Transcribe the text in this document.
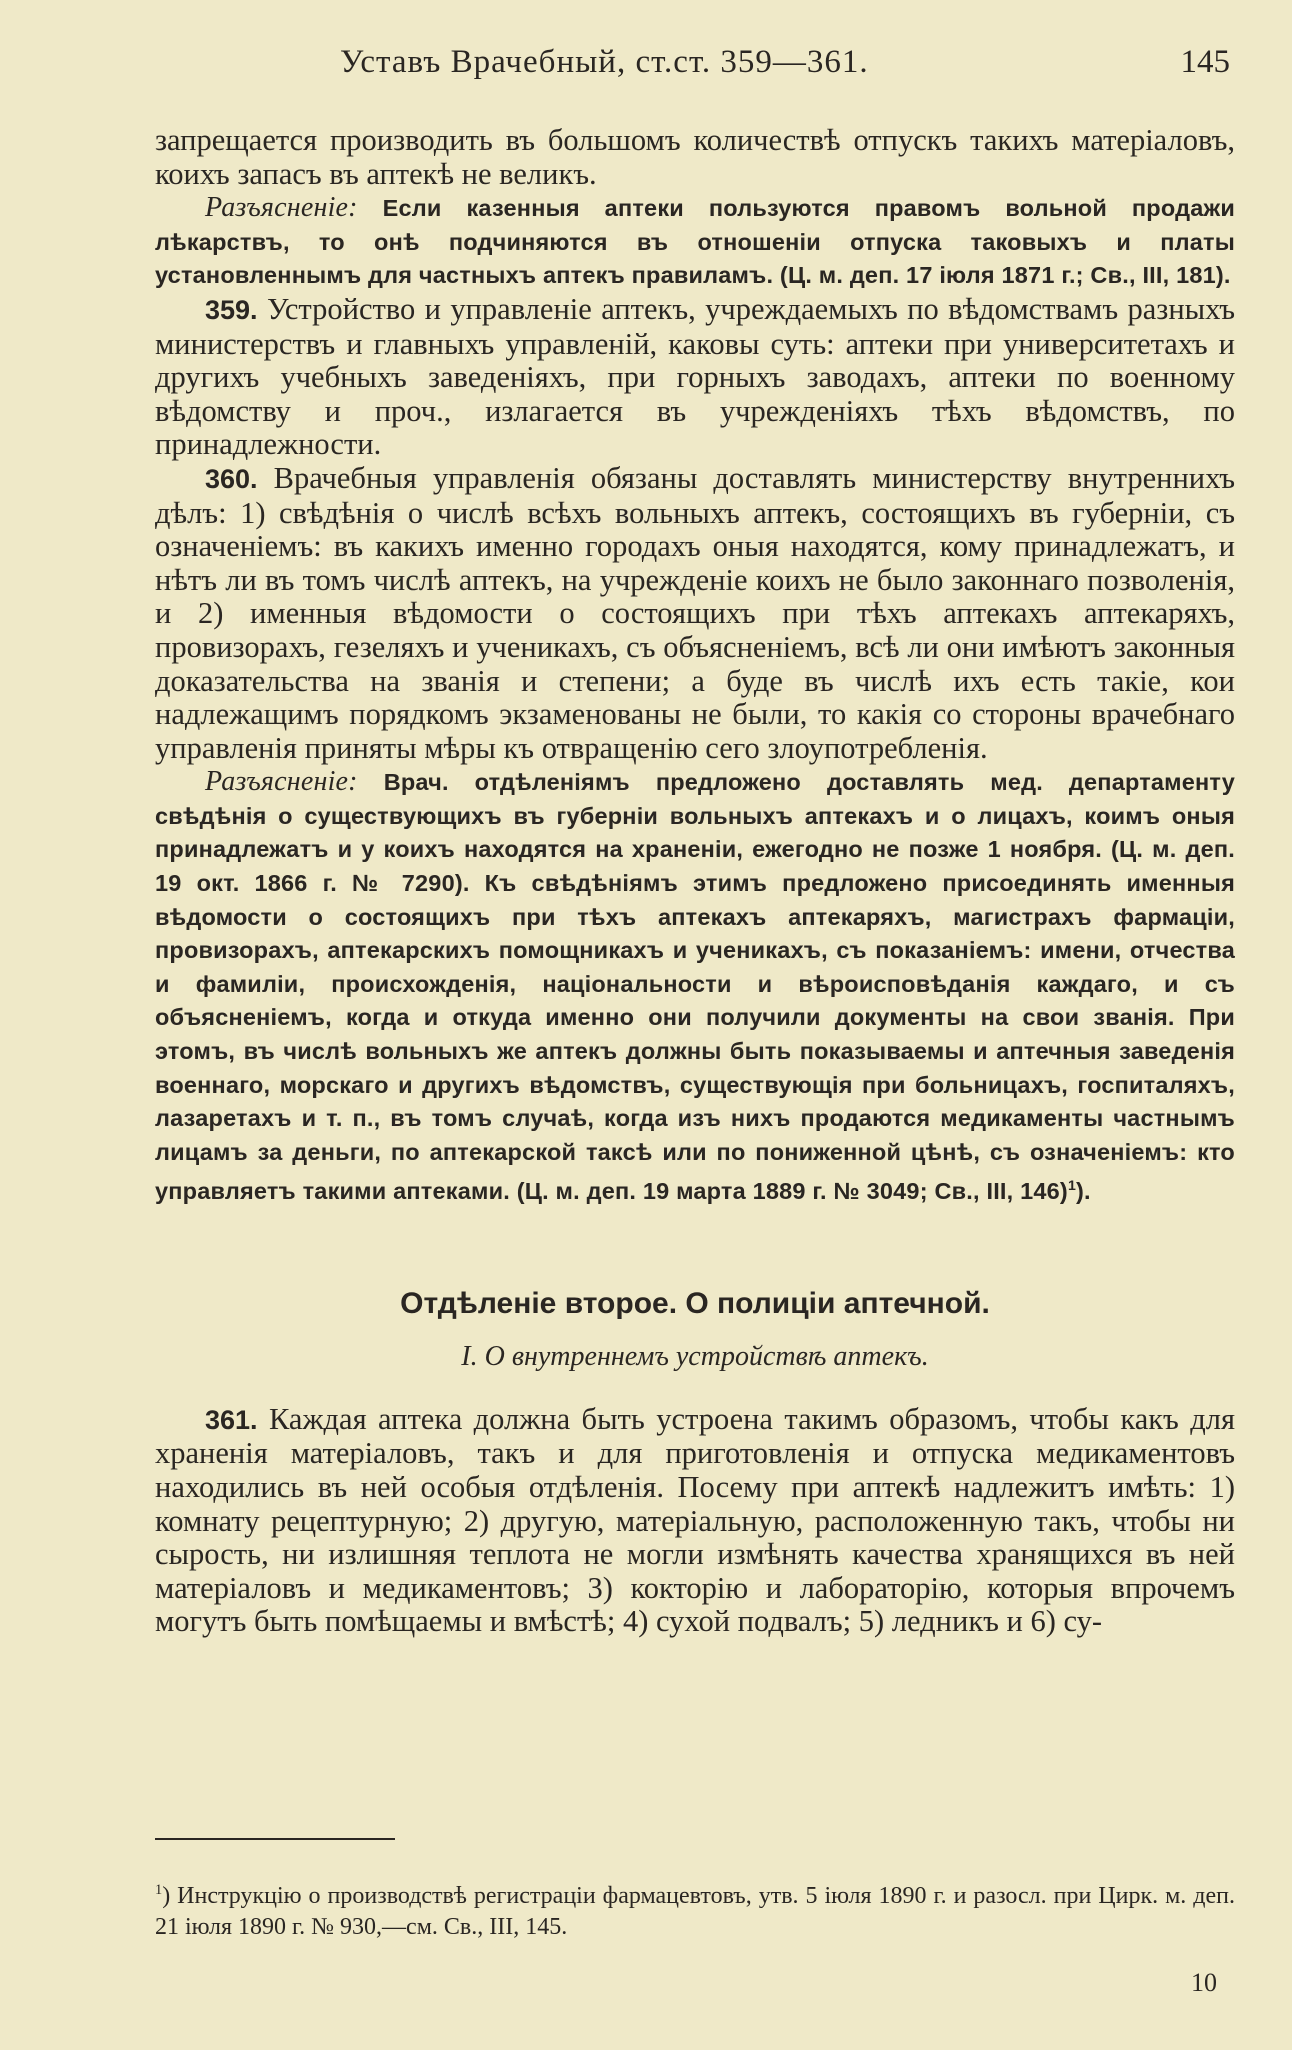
Уставъ Врачебный, ст.ст. 359—361.	145

запрещается производить въ большомъ количествѣ отпускъ такихъ матеріаловъ, коихъ запасъ въ аптекѣ не великъ.

Разъясненіе: Если казенныя аптеки пользуются правомъ вольной продажи лѣкарствъ, то онѣ подчиняются въ отношеніи отпуска таковыхъ и платы установленнымъ для частныхъ аптекъ правиламъ. (Ц. м. деп. 17 іюля 1871 г.; Св., III, 181).

359. Устройство и управленіе аптекъ, учреждаемыхъ по вѣдомствамъ разныхъ министерствъ и главныхъ управленій, каковы суть: аптеки при университетахъ и другихъ учебныхъ заведеніяхъ, при горныхъ заводахъ, аптеки по военному вѣдомству и проч., излагается въ учрежденіяхъ тѣхъ вѣдомствъ, по принадлежности.

360. Врачебныя управленія обязаны доставлять министерству внутреннихъ дѣлъ: 1) свѣдѣнія о числѣ всѣхъ вольныхъ аптекъ, состоящихъ въ губерніи, съ означеніемъ: въ какихъ именно городахъ оныя находятся, кому принадлежатъ, и нѣтъ ли въ томъ числѣ аптекъ, на учрежденіе коихъ не было законнаго позволенія, и 2) именныя вѣдомости о состоящихъ при тѣхъ аптекахъ аптекаряхъ, провизорахъ, гезеляхъ и ученикахъ, съ объясненіемъ, всѣ ли они имѣютъ законныя доказательства на званія и степени; а буде въ числѣ ихъ есть такіе, кои надлежащимъ порядкомъ экзаменованы не были, то какія со стороны врачебнаго управленія приняты мѣры къ отвращенію сего злоупотребленія.

Разъясненіе: Врач. отдѣленіямъ предложено доставлять мед. департаменту свѣдѣнія о существующихъ въ губерніи вольныхъ аптекахъ и о лицахъ, коимъ оныя принадлежатъ и у коихъ находятся на храненіи, ежегодно не позже 1 ноября. (Ц. м. деп. 19 окт. 1866 г. № 7290). Къ свѣдѣніямъ этимъ предложено присоединять именныя вѣдомости о состоящихъ при тѣхъ аптекахъ аптекаряхъ, магистрахъ фармаціи, провизорахъ, аптекарскихъ помощникахъ и ученикахъ, съ показаніемъ: имени, отчества и фамиліи, происхожденія, національности и вѣроисповѣданія каждаго, и съ объясненіемъ, когда и откуда именно они получили документы на свои званія. При этомъ, въ числѣ вольныхъ же аптекъ должны быть показываемы и аптечныя заведенія военнаго, морскаго и другихъ вѣдомствъ, существующія при больницахъ, госпиталяхъ, лазаретахъ и т. п., въ томъ случаѣ, когда изъ нихъ продаются медикаменты частнымъ лицамъ за деньги, по аптекарской таксѣ или по пониженной цѣнѣ, съ означеніемъ: кто управляетъ такими аптеками. (Ц. м. деп. 19 марта 1889 г. № 3049; Св., III, 146)$^1$).

Отдѣленіе второе. О полиціи аптечной.
I. О внутреннемъ устройствѣ аптекъ.

361. Каждая аптека должна быть устроена такимъ образомъ, чтобы какъ для храненія матеріаловъ, такъ и для приготовленія и отпуска медикаментовъ находились въ ней особыя отдѣленія. Посему при аптекѣ надлежитъ имѣть: 1) комнату рецептурную; 2) другую, матеріальную, расположенную такъ, чтобы ни сырость, ни излишняя теплота не могли измѣнять качества хранящихся въ ней матеріаловъ и медикаментовъ; 3) кокторію и лабораторію, которыя впрочемъ могутъ быть помѣщаемы и вмѣстѣ; 4) сухой подвалъ; 5) ледникъ и 6) су-

$^1$) Инструкцію о производствѣ регистраціи фармацевтовъ, утв. 5 іюля 1890 г. и разосл. при Цирк. м. деп. 21 іюля 1890 г. № 930,—см. Св., III, 145.
10
